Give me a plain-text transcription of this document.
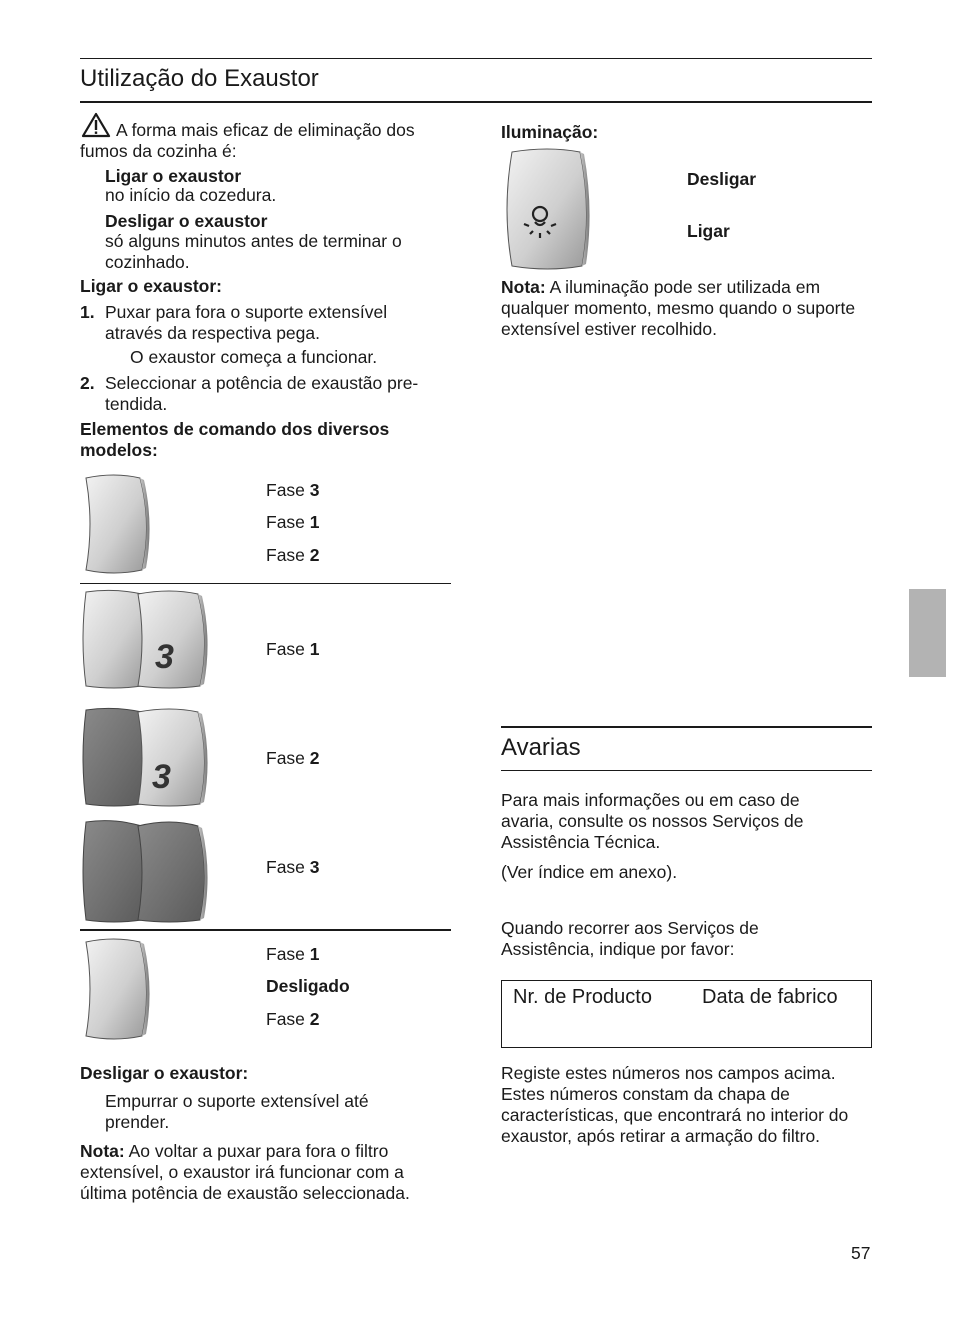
Utilização do Exaustor
A forma mais eficaz de eliminação dos fumos da cozinha é:
Ligar o exaustor
no início da cozedura.
Desligar o exaustor
só alguns minutos antes de terminar o cozinhado.
Ligar o exaustor:
1. Puxar para fora o suporte extensível através da respectiva pega.
O exaustor começa a funcionar.
2. Seleccionar a potência de exaustão pre-tendida.
Elementos de comando dos diversos modelos:
Fase 3
Fase 1
Fase 2
3	Fase 1
3	Fase 2
Fase 3
Fase 1
Desligado
Fase 2
Desligar o exaustor:
Empurrar o suporte extensível até prender.
Nota: Ao voltar a puxar para fora o filtro extensível, o exaustor irá funcionar com a última potência de exaustão seleccionada.
Iluminação:
Desligar
Ligar
Nota: A iluminação pode ser utilizada em qualquer momento, mesmo quando o suporte extensível estiver recolhido.
Avarias
Para mais informações ou em caso de avaria, consulte os nossos Serviços de Assistência Técnica.
(Ver índice em anexo).
Quando recorrer aos Serviços de Assistência, indique por favor:
Nr. de Producto	Data de fabrico
Registe estes números nos campos acima. Estes números constam da chapa de características, que encontrará no interior do exaustor, após retirar a armação do filtro.
57
